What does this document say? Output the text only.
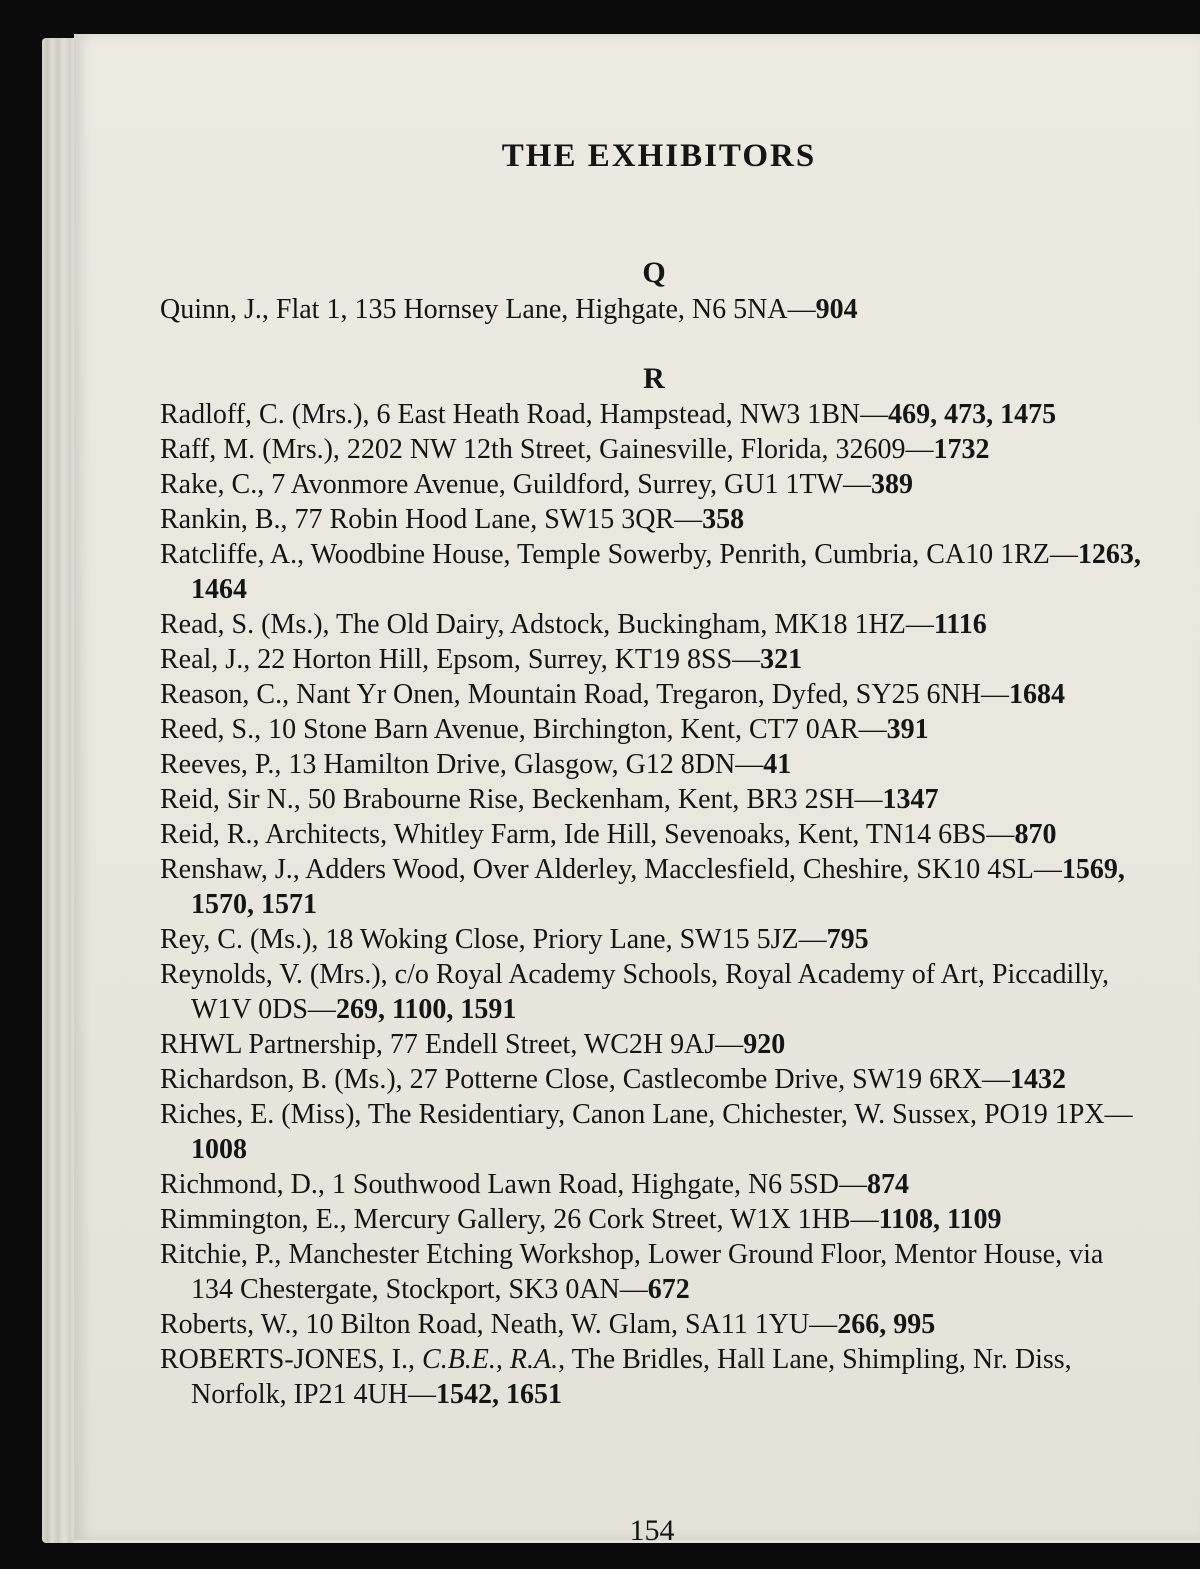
THE EXHIBITORS
Q
Quinn, J., Flat 1, 135 Hornsey Lane, Highgate, N6 5NA—904
R
Radloff, C. (Mrs.), 6 East Heath Road, Hampstead, NW3 1BN—469, 473, 1475
Raff, M. (Mrs.), 2202 NW 12th Street, Gainesville, Florida, 32609—1732
Rake, C., 7 Avonmore Avenue, Guildford, Surrey, GU1 1TW—389
Rankin, B., 77 Robin Hood Lane, SW15 3QR—358
Ratcliffe, A., Woodbine House, Temple Sowerby, Penrith, Cumbria, CA10 1RZ—1263, 1464
Read, S. (Ms.), The Old Dairy, Adstock, Buckingham, MK18 1HZ—1116
Real, J., 22 Horton Hill, Epsom, Surrey, KT19 8SS—321
Reason, C., Nant Yr Onen, Mountain Road, Tregaron, Dyfed, SY25 6NH—1684
Reed, S., 10 Stone Barn Avenue, Birchington, Kent, CT7 0AR—391
Reeves, P., 13 Hamilton Drive, Glasgow, G12 8DN—41
Reid, Sir N., 50 Brabourne Rise, Beckenham, Kent, BR3 2SH—1347
Reid, R., Architects, Whitley Farm, Ide Hill, Sevenoaks, Kent, TN14 6BS—870
Renshaw, J., Adders Wood, Over Alderley, Macclesfield, Cheshire, SK10 4SL—1569, 1570, 1571
Rey, C. (Ms.), 18 Woking Close, Priory Lane, SW15 5JZ—795
Reynolds, V. (Mrs.), c/o Royal Academy Schools, Royal Academy of Art, Piccadilly, W1V 0DS—269, 1100, 1591
RHWL Partnership, 77 Endell Street, WC2H 9AJ—920
Richardson, B. (Ms.), 27 Potterne Close, Castlecombe Drive, SW19 6RX—1432
Riches, E. (Miss), The Residentiary, Canon Lane, Chichester, W. Sussex, PO19 1PX—1008
Richmond, D., 1 Southwood Lawn Road, Highgate, N6 5SD—874
Rimmington, E., Mercury Gallery, 26 Cork Street, W1X 1HB—1108, 1109
Ritchie, P., Manchester Etching Workshop, Lower Ground Floor, Mentor House, via 134 Chestergate, Stockport, SK3 0AN—672
Roberts, W., 10 Bilton Road, Neath, W. Glam, SA11 1YU—266, 995
ROBERTS-JONES, I., C.B.E., R.A., The Bridles, Hall Lane, Shimpling, Nr. Diss, Norfolk, IP21 4UH—1542, 1651

154
